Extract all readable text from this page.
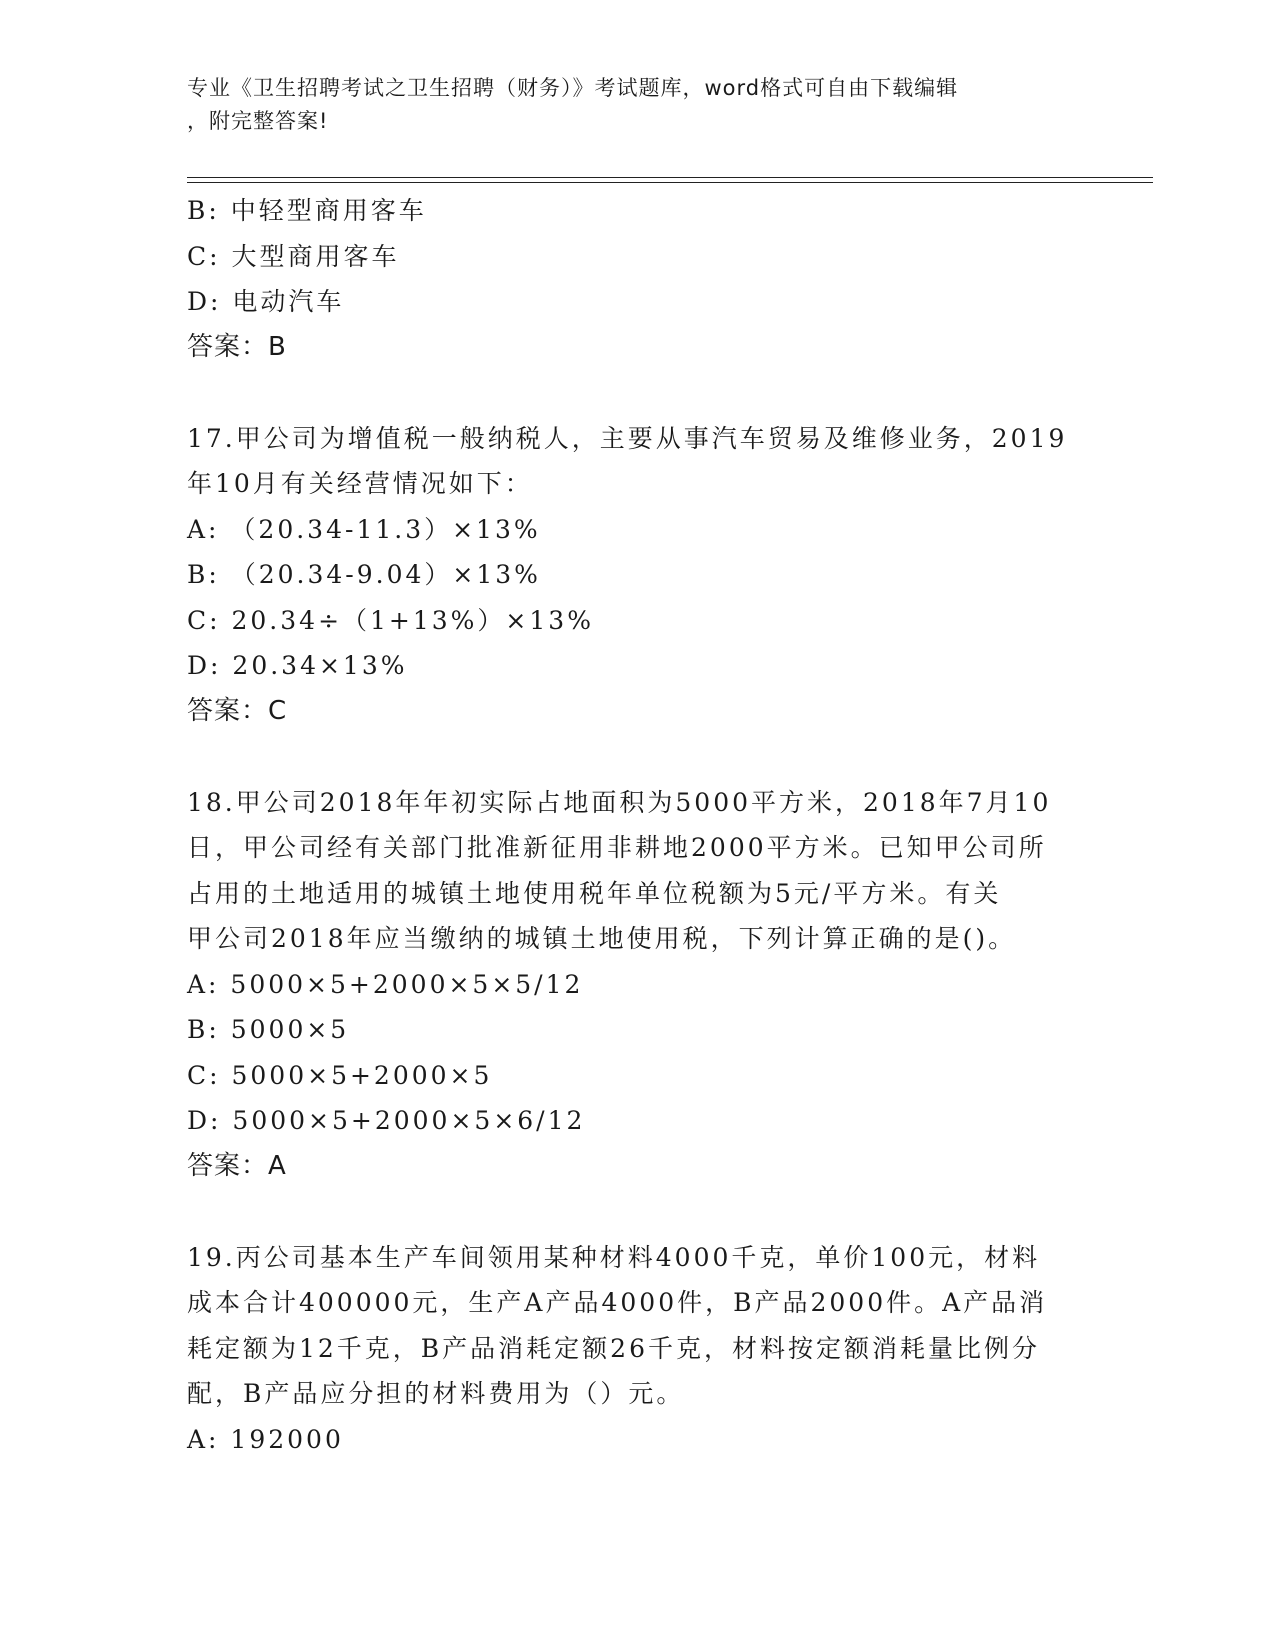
专业《卫生招聘考试之卫生招聘（财务）》考试题库，word格式可自由下载编辑
，附完整答案!
B: 中轻型商用客车
C: 大型商用客车
D: 电动汽车
答案：B
17.甲公司为增值税一般纳税人，主要从事汽车贸易及维修业务，2019
年10月有关经营情况如下：
A: （20.34-11.3）×13%
B: （20.34-9.04）×13%
C: 20.34÷（1+13%）×13%
D: 20.34×13%
答案：C
18.甲公司2018年年初实际占地面积为5000平方米，2018年7月10
日，甲公司经有关部门批准新征用非耕地2000平方米。已知甲公司所
占用的土地适用的城镇土地使用税年单位税额为5元/平方米。有关
甲公司2018年应当缴纳的城镇土地使用税，下列计算正确的是()。
A: 5000×5+2000×5×5/12
B: 5000×5
C: 5000×5+2000×5
D: 5000×5+2000×5×6/12
答案：A
19.丙公司基本生产车间领用某种材料4000千克，单价100元，材料
成本合计400000元，生产A产品4000件，B产品2000件。A产品消
耗定额为12千克，B产品消耗定额26千克，材料按定额消耗量比例分
配，B产品应分担的材料费用为（）元。
A: 192000
